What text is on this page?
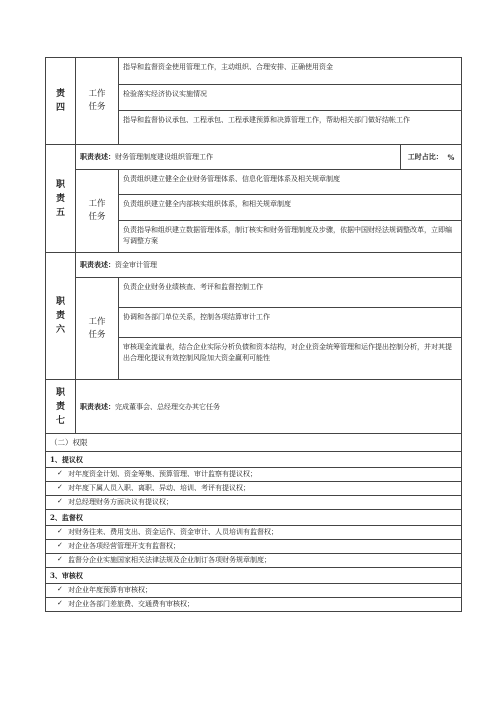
责四
工作任务
指导和监督资金使用管理工作，主动组织、合理安排、正确使用资金
检验落实经济协议实施情况
指导和监督协议承包、工程承包、工程承建预算和决算管理工作，帮助相关部门做好结帐工作
职责五
职责表述：财务管理制度建设组织管理工作	工时占比：
%
工作任务
负责组织建立健全企业财务管理体系、信息化管理体系及相关规章制度
负责组织建立健全内部核实组织体系，和相关规章制度
负责指导和组织建立数据管理体系，制订核实和财务管理制度及步骤，依据中国财经法规调整改革，立即编写调整方案
职责六
职责表述：资金审计管理
工作任务
负责企业财务业绩核查、考评和监督控制工作
协调和各部门单位关系，控制各项结算审计工作
审核现金流量表，结合企业实际分析负债和资本结构，对企业资金统筹管理和运作提出控制分析，并对其提出合理化提议有效控制风险加大资金赢利可能性
职责七
职责表述：完成董事会、总经理交办其它任务
（二）权限
1、提议权
✓ 对年度资金计划、资金筹集、预算管理、审计监察有提议权；
✓ 对年度下属人员入职、离职、异动、培训、考评有提议权；
✓ 对总经理财务方面决议有提议权；
2、监督权
✓ 对财务往来、费用支出、资金运作、资金审计、人员培训有监督权；
✓ 对企业各项经营管理开支有监督权；
✓ 监督分企业实施国家相关法律法规及企业制订各项财务规章制度；
3、审核权
✓ 对企业年度预算有审核权；
✓ 对企业各部门差旅费、交通费有审核权；
